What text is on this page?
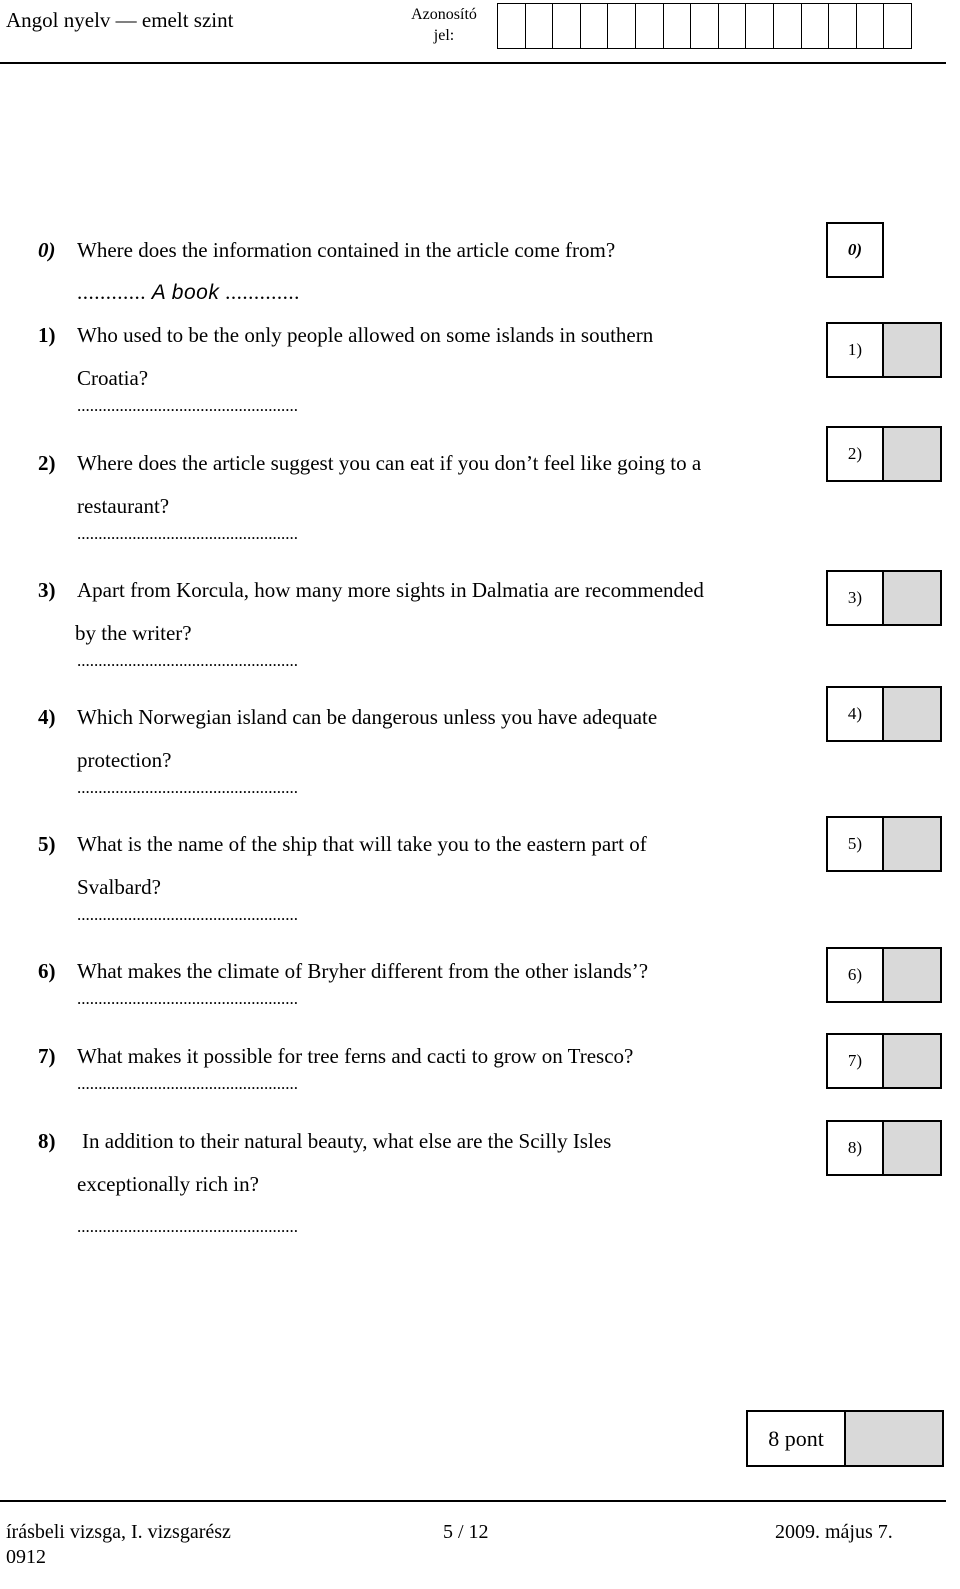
Angol nyelv — emelt szint	Azonosító jel:
0) Where does the information contained in the article come from?
............ A book .............
0)
1) Who used to be the only people allowed on some islands in southern
Croatia?
....................................................
1)
2) Where does the article suggest you can eat if you don’t feel like going to a
restaurant?
....................................................
2)
3) Apart from Korcula, how many more sights in Dalmatia are recommended
by the writer?
....................................................
3)
4) Which Norwegian island can be dangerous unless you have adequate
protection?
....................................................
4)
5) What is the name of the ship that will take you to the eastern part of
Svalbard?
....................................................
5)
6) What makes the climate of Bryher different from the other islands’?
....................................................
6)
7) What makes it possible for tree ferns and cacti to grow on Tresco?
....................................................
7)
8) In addition to their natural beauty, what else are the Scilly Isles
exceptionally rich in?
....................................................
8)
8 pont
írásbeli vizsga, I. vizsgarész
0912
5 / 12	2009. május 7.
